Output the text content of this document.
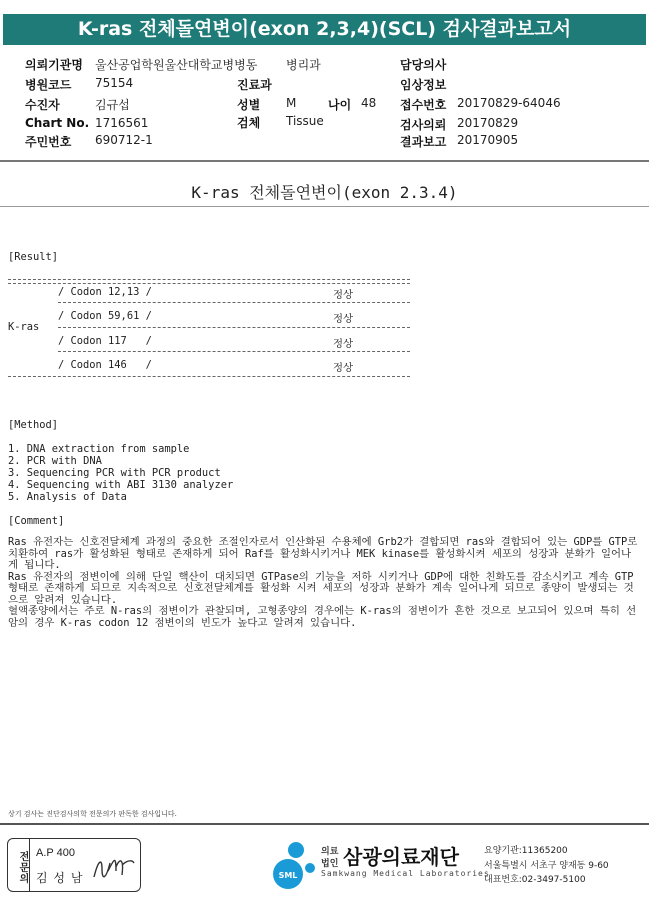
K-ras 전체돌연변이(exon 2,3,4)(SCL) 검사결과보고서
의뢰기관명 울산공업학원울산대학교병병동 병리과	담당의사
병원코드 75154	진료과	임상정보
수진자	김규섭	성별 M	나이 48 접수번호 20170829-64046
Chart No. 1716561	검체 Tissue	검사의뢰 20170829
주민번호 690712-1	결과보고 20170905
K-ras 전체돌연변이(exon 2.3.4)
[Result]
/ Codon 12,13 /	정상
K-ras
/ Codon 59,61 /	정상
/ Codon 117   /	정상
/ Codon 146   /	정상
[Method]
1. DNA extraction from sample
2. PCR with DNA
3. Sequencing PCR with PCR product
4. Sequencing with ABI 3130 analyzer
5. Analysis of Data
[Comment]

Ras 유전자는 신호전달체계 과정의 중요한 조절인자로서 인산화된 수용체에 Grb2가 결합되면 ras와 결합되어 있는 GDP를 GTP로 치환하여 ras가 활성화된 형태로 존재하게 되어 Raf를 활성화시키거나 MEK kinase를 활성화시켜 세포의 성장과 분화가 일어나게 됩니다.

Ras 유전자의 점변이에 의해 단일 핵산이 대치되면 GTPase의 기능을 저하 시키거나 GDP에 대한 친화도를 감소시키고 계속 GTP형태로 존재하게 되므로 지속적으로 신호전달체계를 활성화 시켜 세포의 성장과 분화가 계속 일어나게 되므로 종양이 발생되는 것으로 알려져 있습니다.

혈액종양에서는 주로 N-ras의 점변이가 관찰되며, 고형종양의 경우에는 K-ras의 점변이가 흔한 것으로 보고되어 있으며 특히 선암의 경우 K-ras codon 12 점변이의 빈도가 높다고 알려져 있습니다.

상기 검사는 진단검사의학 전문의가 판독한 검사입니다.
전문의 A.P 400
김 성 남	SML
의료
법인 삼광의료재단
Samkwang Medical Laboratories
요양기관:11365200
서울특별시 서초구 양재동 9-60
대표번호:02-3497-5100
